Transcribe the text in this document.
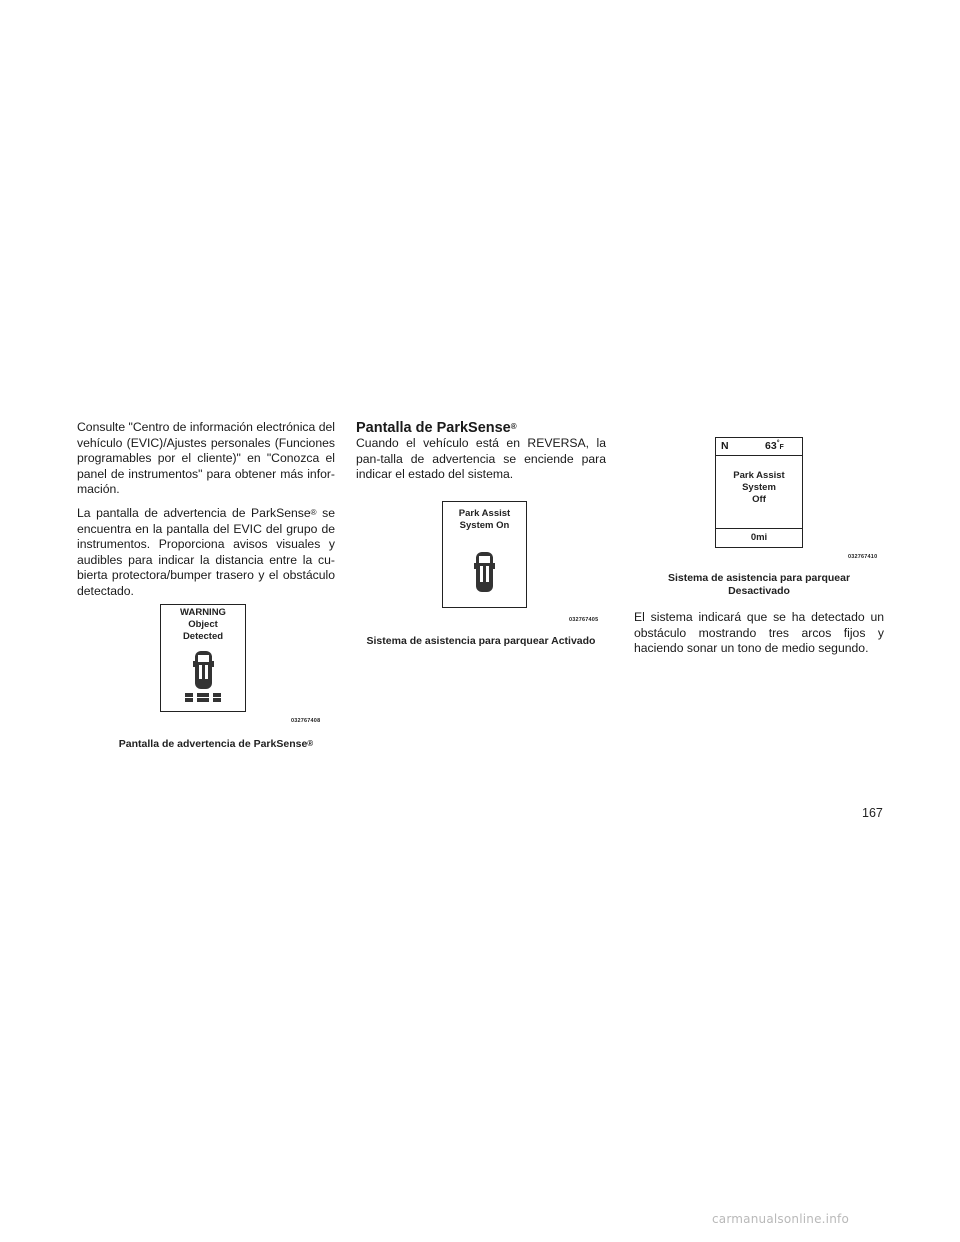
Consulte "Centro de información electrónica del vehículo (EVIC)/Ajustes personales (Funciones programables por el cliente)" en "Conozca el panel de instrumentos" para obtener más infor-mación.

La pantalla de advertencia de ParkSense® se encuentra en la pantalla del EVIC del grupo de instrumentos. Proporciona avisos visuales y audibles para indicar la distancia entre la cu-bierta protectora/bumper trasero y el obstáculo detectado.

WARNING
Object
Detected
032767408
Pantalla de advertencia de ParkSense®
Pantalla de ParkSense®

Cuando el vehículo está en REVERSA, la pan-talla de advertencia se enciende para indicar el estado del sistema.

Park Assist
System On
032767405
Sistema de asistencia para parquear Activado
N	63°F
Park Assist
System
Off
0mi
032767410
Sistema de asistencia para parquear
Desactivado

El sistema indicará que se ha detectado un obstáculo mostrando tres arcos fijos y haciendo sonar un tono de medio segundo.

167
carmanualsonline.info
